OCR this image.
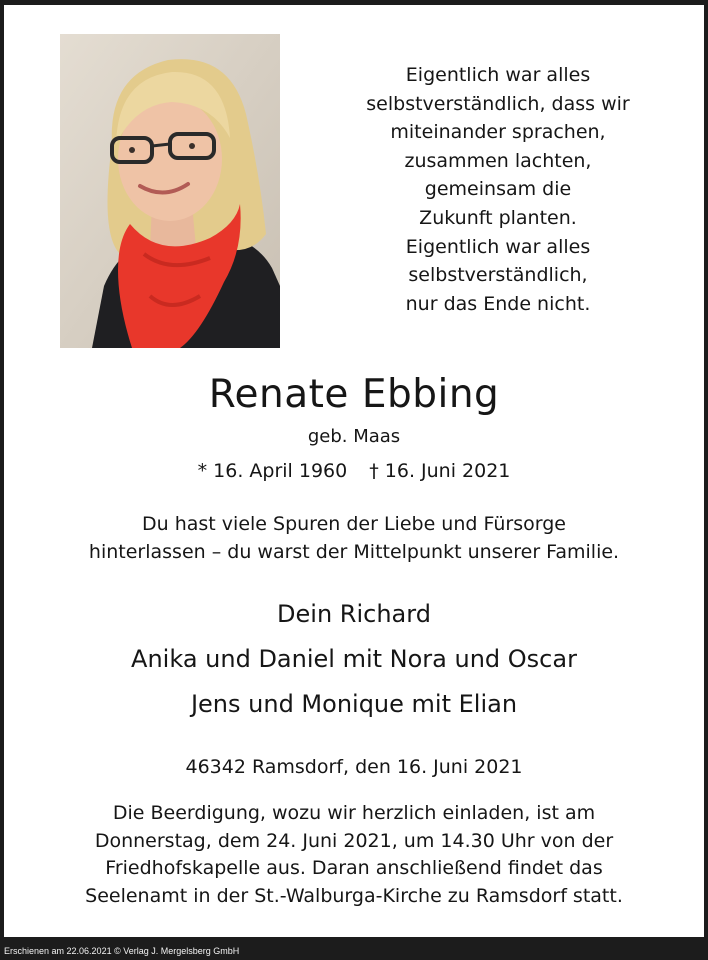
Eigentlich war alles
selbstverständlich, dass wir
miteinander sprachen,
zusammen lachten,
gemeinsam die
Zukunft planten.
Eigentlich war alles
selbstverständlich,
nur das Ende nicht.
Renate Ebbing
geb. Maas
* 16. April 1960 † 16. Juni 2021
Du hast viele Spuren der Liebe und Fürsorge
hinterlassen – du warst der Mittelpunkt unserer Familie.
Dein Richard
Anika und Daniel mit Nora und Oscar
Jens und Monique mit Elian
46342 Ramsdorf, den 16. Juni 2021
Die Beerdigung, wozu wir herzlich einladen, ist am
Donnerstag, dem 24. Juni 2021, um 14.30 Uhr von der
Friedhofskapelle aus. Daran anschließend findet das
Seelenamt in der St.-Walburga-Kirche zu Ramsdorf statt.
Erschienen am 22.06.2021 © Verlag J. Mergelsberg GmbH
